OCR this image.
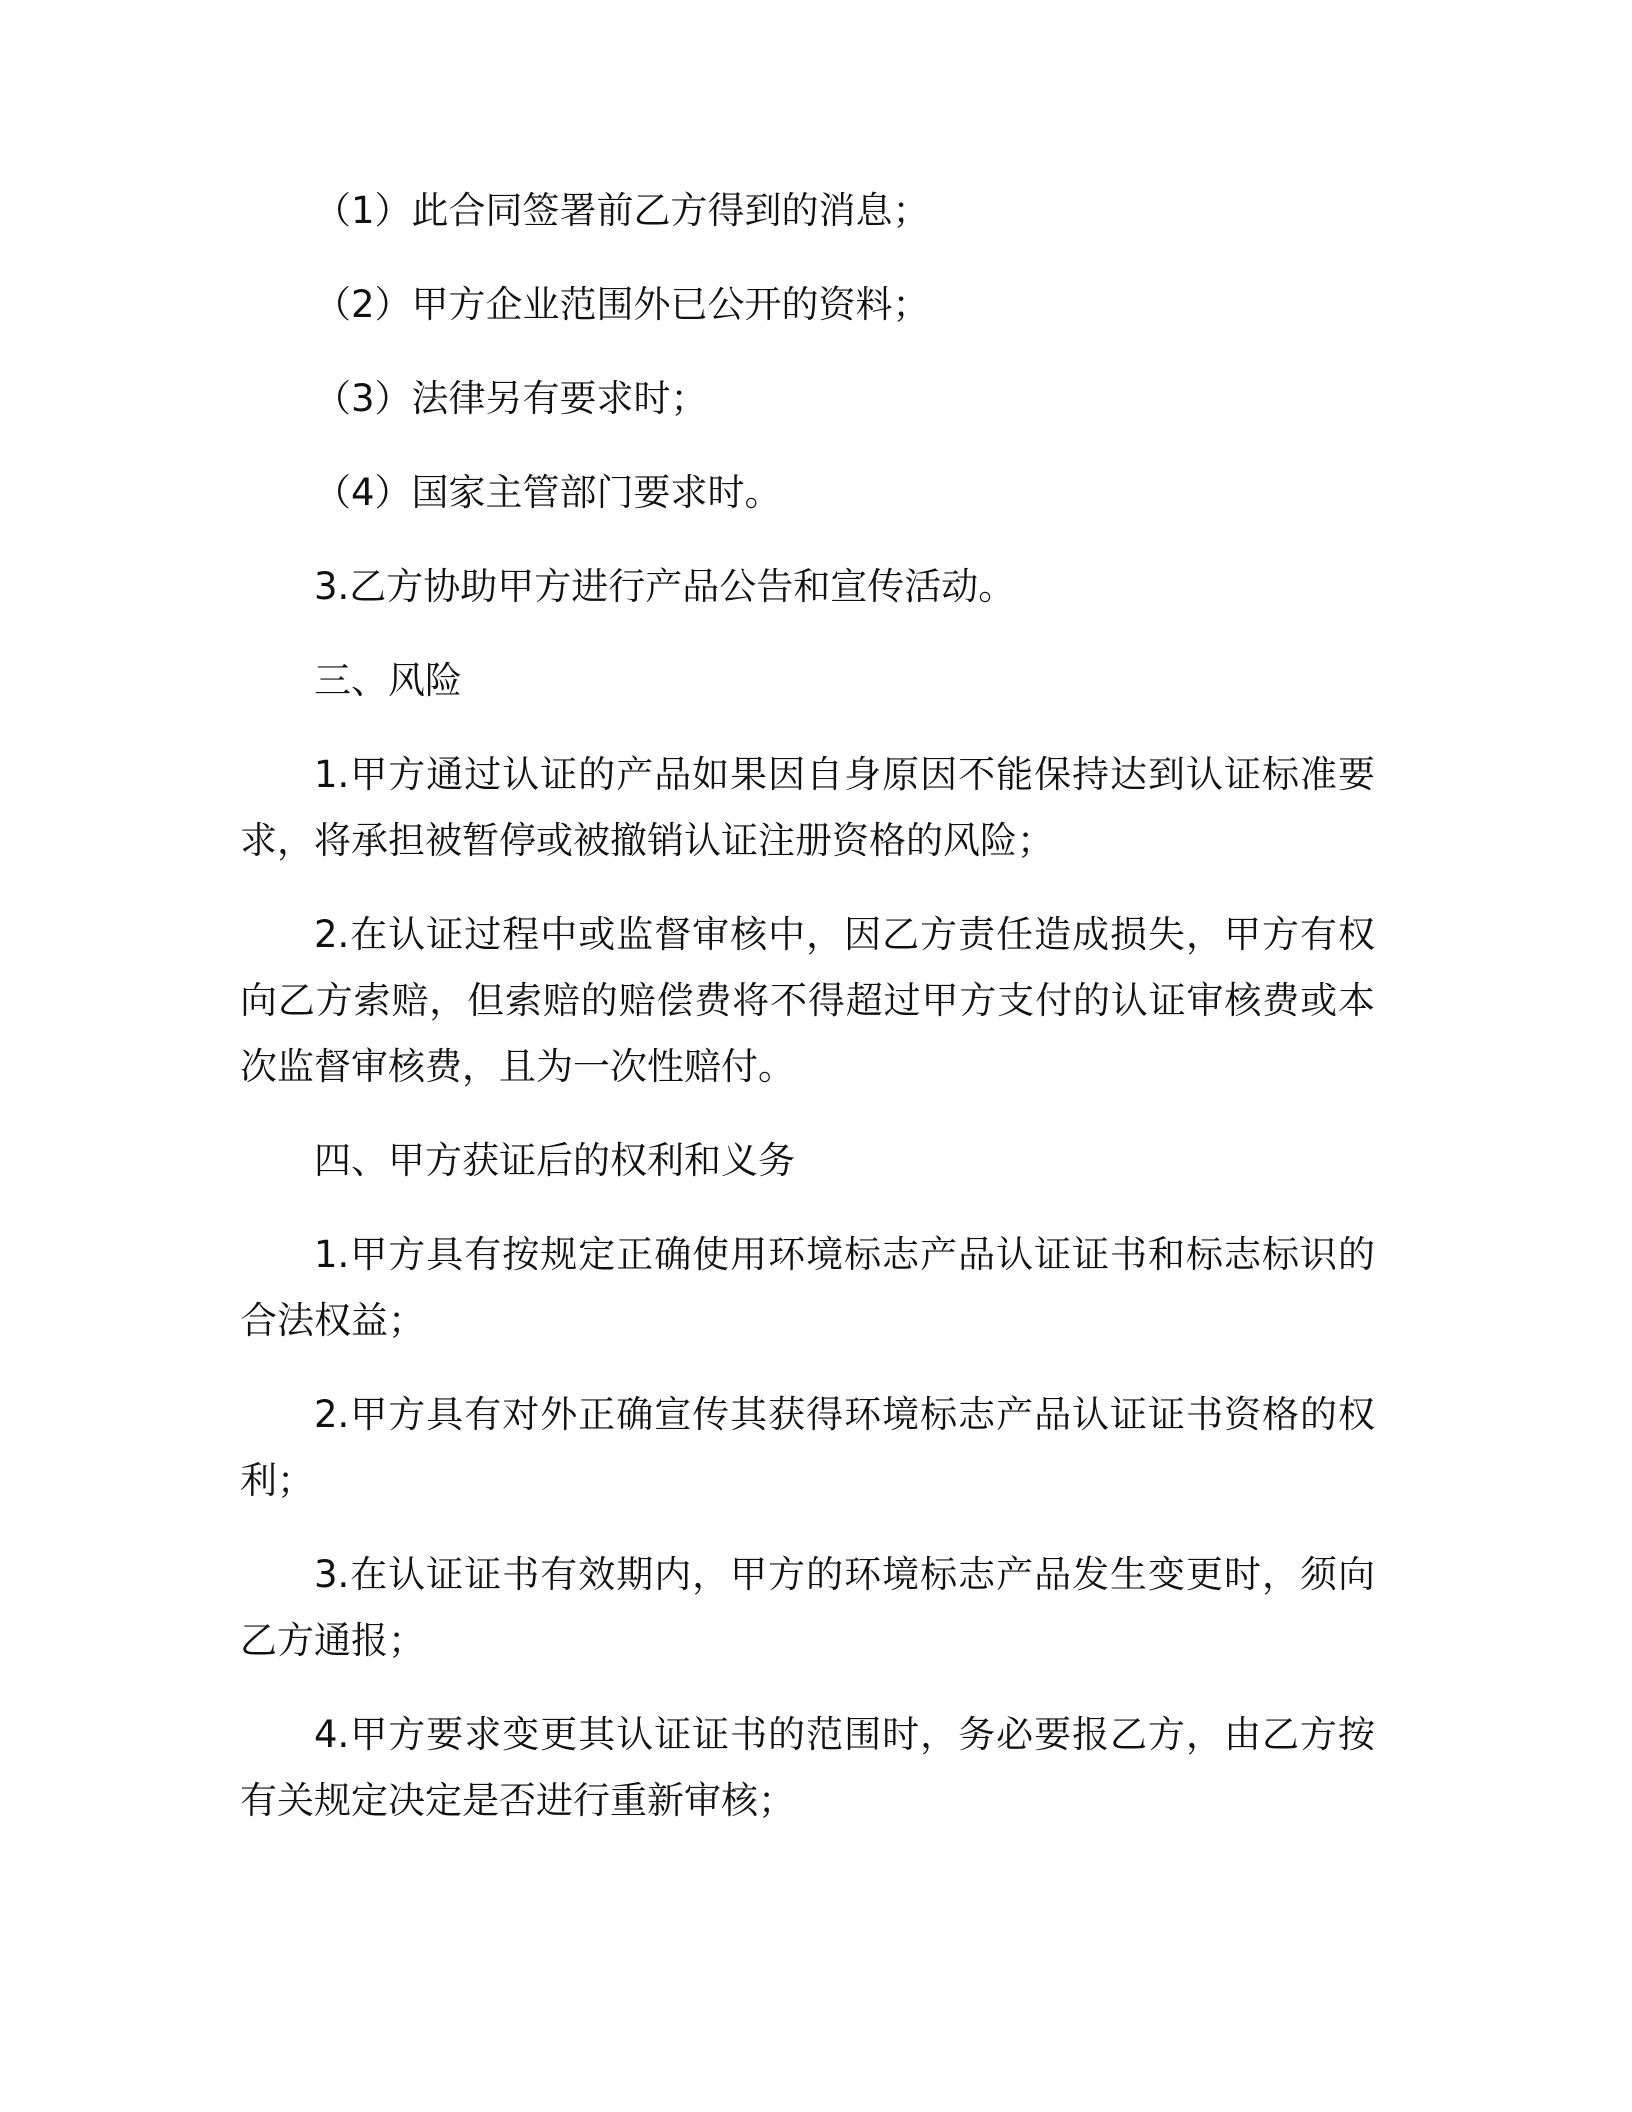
（1）此合同签署前乙方得到的消息；

（2）甲方企业范围外已公开的资料；

（3）法律另有要求时；

（4）国家主管部门要求时。

3.乙方协助甲方进行产品公告和宣传活动。

三、风险

1.甲方通过认证的产品如果因自身原因不能保持达到认证标准要求，将承担被暂停或被撤销认证注册资格的风险；

2.在认证过程中或监督审核中，因乙方责任造成损失，甲方有权向乙方索赔，但索赔的赔偿费将不得超过甲方支付的认证审核费或本次监督审核费，且为一次性赔付。

四、甲方获证后的权利和义务

1.甲方具有按规定正确使用环境标志产品认证证书和标志标识的合法权益；

2.甲方具有对外正确宣传其获得环境标志产品认证证书资格的权利；

3.在认证证书有效期内，甲方的环境标志产品发生变更时，须向乙方通报；

4.甲方要求变更其认证证书的范围时，务必要报乙方，由乙方按有关规定决定是否进行重新审核；
